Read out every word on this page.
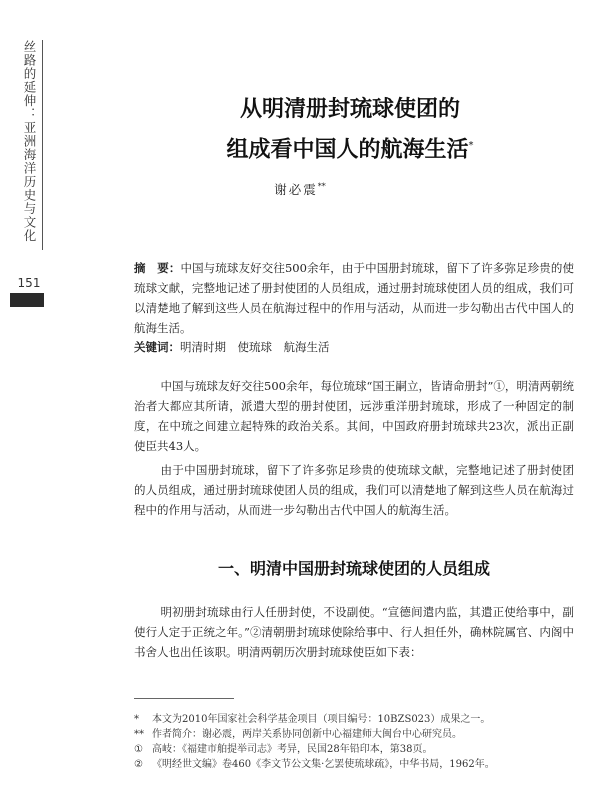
丝路的延伸：亚洲海洋历史与文化
151
从明清册封琉球使团的
组成看中国人的航海生活*
谢必震**
摘　要：中国与琉球友好交往500余年，由于中国册封琉球，留下了许多弥足珍贵的使琉球文献，完整地记述了册封使团的人员组成，通过册封琉球使团人员的组成，我们可以清楚地了解到这些人员在航海过程中的作用与活动，从而进一步勾勒出古代中国人的航海生活。
关键词：明清时期　使琉球　航海生活
中国与琉球友好交往500余年，每位琉球“国王嗣立，皆请命册封”①，明清两朝统治者大都应其所请，派遣大型的册封使团，远涉重洋册封琉球，形成了一种固定的制度，在中琉之间建立起特殊的政治关系。其间，中国政府册封琉球共23次，派出正副使臣共43人。
由于中国册封琉球，留下了许多弥足珍贵的使琉球文献，完整地记述了册封使团的人员组成，通过册封琉球使团人员的组成，我们可以清楚地了解到这些人员在航海过程中的作用与活动，从而进一步勾勒出古代中国人的航海生活。
一、明清中国册封琉球使团的人员组成
明初册封琉球由行人任册封使，不设副使。“宣德间遣内监，其遣正使给事中，副使行人定于正统之年。”②清朝册封琉球使除给事中、行人担任外，确林院属官、内阁中书舍人也出任该职。明清两朝历次册封琉球使臣如下表：
* 本文为2010年国家社会科学基金项目（项目编号：10BZS023）成果之一。
** 作者简介：谢必震，两岸关系协同创新中心福建师大闽台中心研究员。
① 高岐：《福建市舶提举司志》考异，民国28年铅印本，第38页。
② 《明经世文编》卷460《李文节公文集·乞罢使琉球疏》，中华书局，1962年。
